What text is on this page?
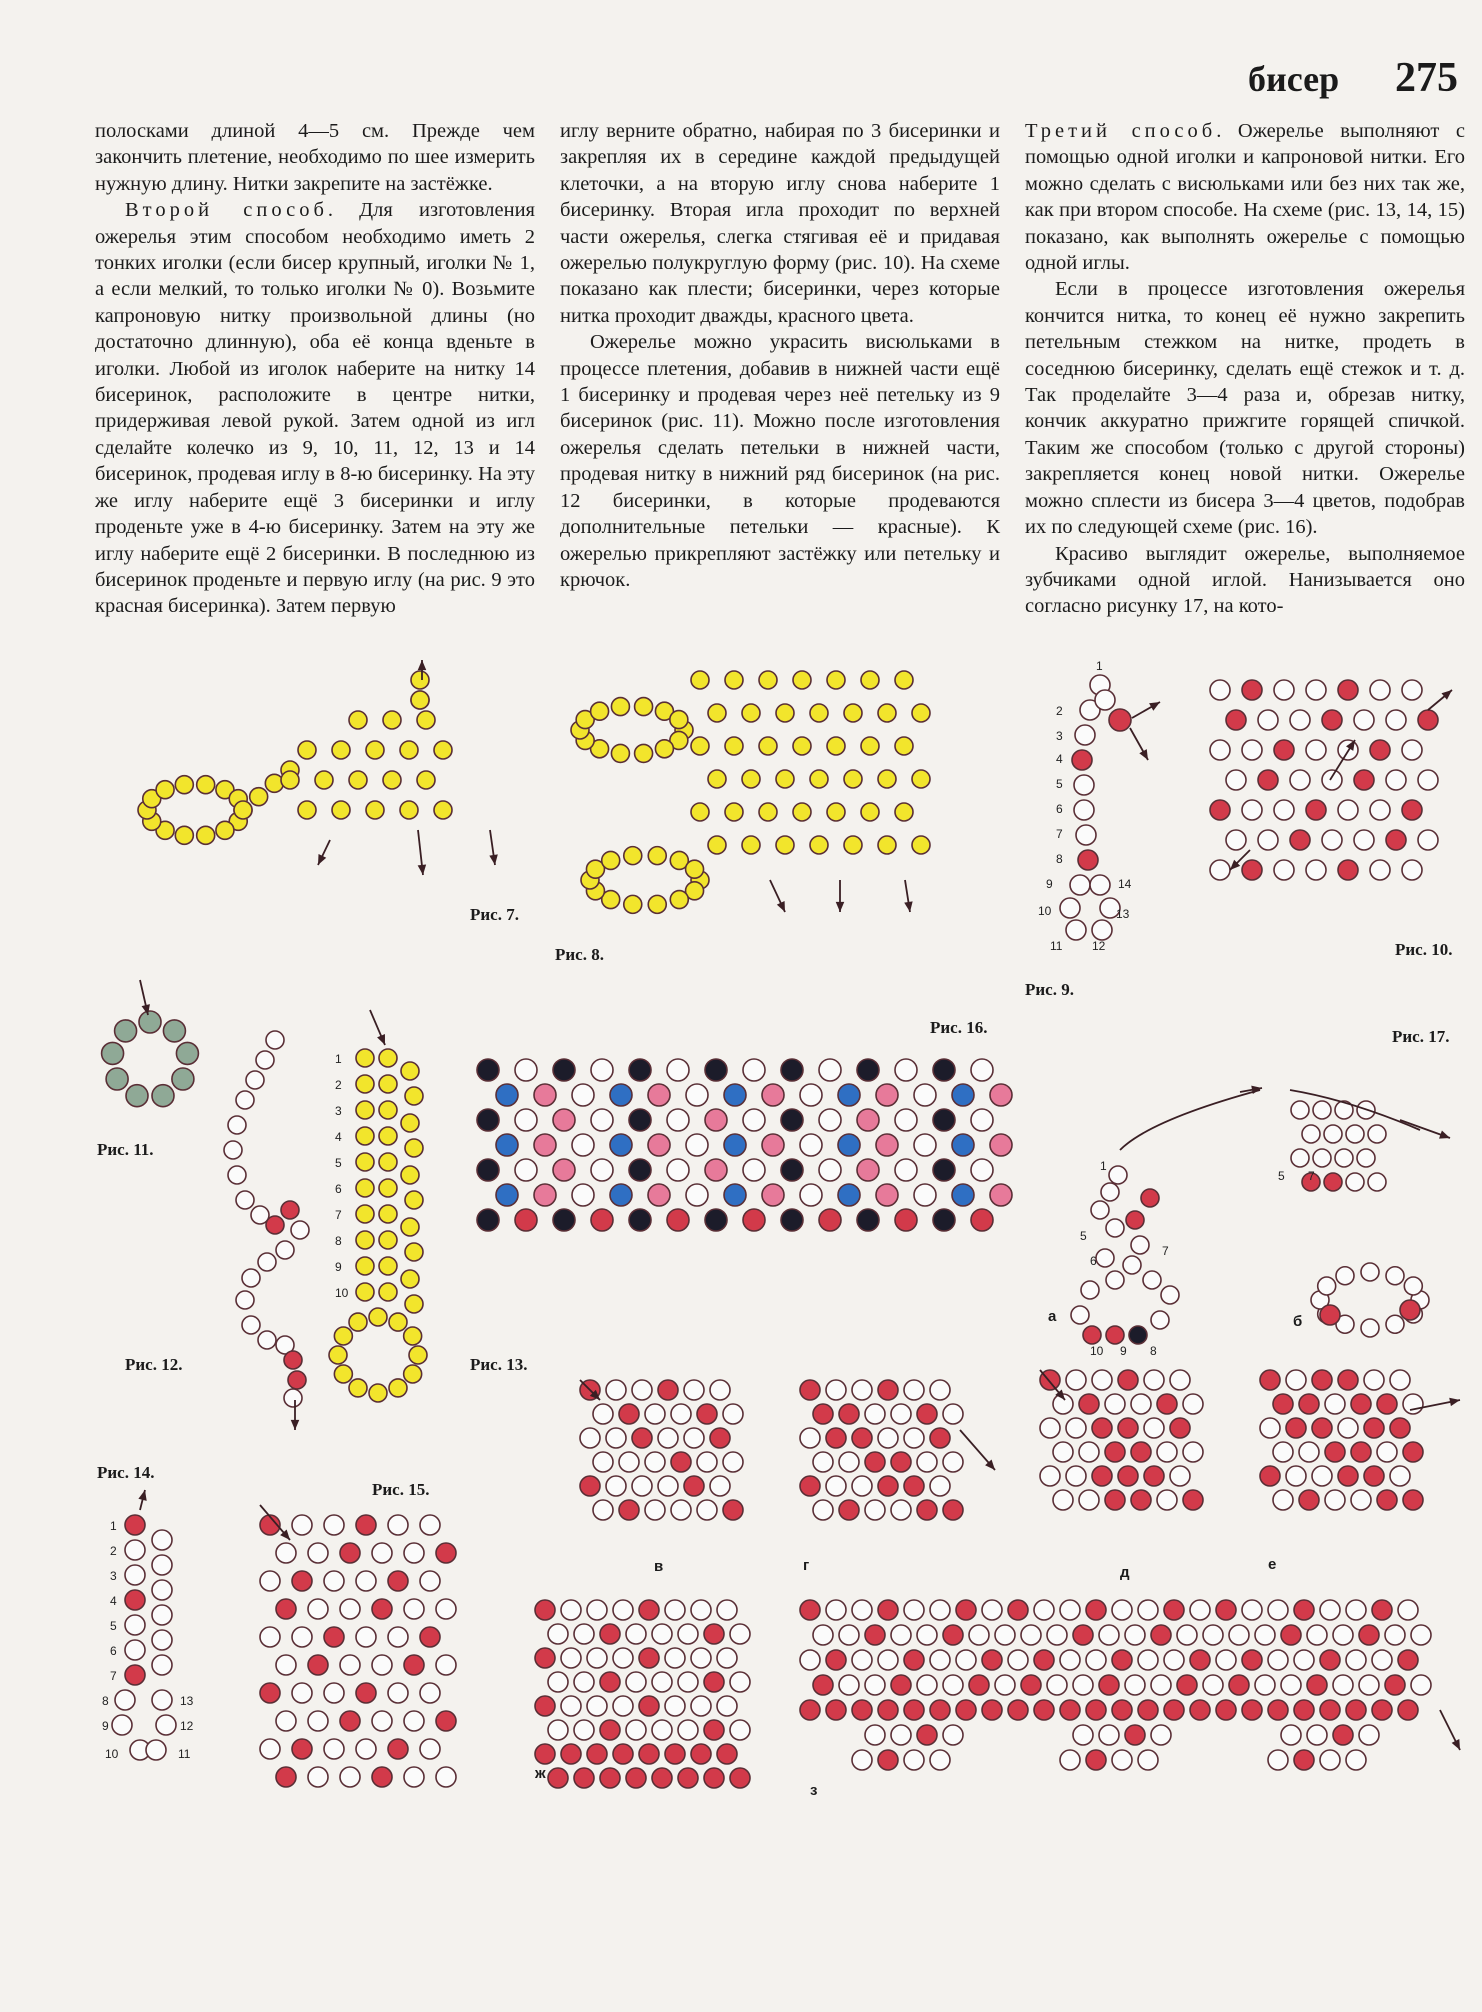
бисер 275

полосками длиной 4—5 см. Прежде чем закончить плетение, необходимо по шее измерить нужную длину. Нитки закрепите на застёжке.

Второй способ. Для изготовления ожерелья этим способом необходимо иметь 2 тонких иголки (если бисер крупный, иголки № 1, а если мелкий, то только иголки № 0). Возьмите капроновую нитку произвольной длины (но достаточно длинную), оба её конца вденьте в иголки. Любой из иголок наберите на нитку 14 бисеринок, расположите в центре нитки, придерживая левой рукой. Затем одной из игл сделайте колечко из 9, 10, 11, 12, 13 и 14 бисеринок, продевая иглу в 8-ю бисеринку. На эту же иглу наберите ещё 3 бисеринки и иглу проденьте уже в 4-ю бисеринку. Затем на эту же иглу наберите ещё 2 бисеринки. В последнюю из бисеринок проденьте и первую иглу (на рис. 9 это красная бисеринка). Затем первую

иглу верните обратно, набирая по 3 бисеринки и закрепляя их в середине каждой предыдущей клеточки, а на вторую иглу снова наберите 1 бисеринку. Вторая игла проходит по верхней части ожерелья, слегка стягивая её и придавая ожерелью полукруглую форму (рис. 10). На схеме показано как плести; бисеринки, через которые нитка проходит дважды, красного цвета.

Ожерелье можно украсить висюльками в процессе плетения, добавив в нижней части ещё 1 бисеринку и продевая через неё петельку из 9 бисеринок (рис. 11). Можно после изготовления ожерелья сделать петельки в нижней части, продевая нитку в нижний ряд бисеринок (на рис. 12 бисеринки, в которые продеваются дополнительные петельки — красные). К ожерелью прикрепляют застёжку или петельку и крючок.

Третий способ. Ожерелье выполняют с помощью одной иголки и капроновой нитки. Его можно сделать с висюльками или без них так же, как при втором способе. На схеме (рис. 13, 14, 15) показано, как выполнять ожерелье с помощью одной иглы.

Если в процессе изготовления ожерелья кончится нитка, то конец её нужно закрепить петельным стежком на нитке, продеть в соседнюю бисеринку, сделать ещё стежок и т. д. Так проделайте 3—4 раза и, обрезав нитку, кончик аккуратно прижгите горящей спичкой. Таким же способом (только с другой стороны) закрепляется конец новой нитки. Ожерелье можно сплести из бисера 3—4 цветов, подобрав их по следующей схеме (рис. 16).

Красиво выглядит ожерелье, выполняемое зубчиками одной иглой. Нанизывается оно согласно рисунку 17, на кото-

1
2
3
4
5
6
7
8
9
10
11 12
13
14
1
2
3
4
5
6
7
8
9
10
1
5
6
7
10 9 8
5 7
1
2
3
4
5
6
7
8
9
10	11
12
13
Рис. 7.
Рис. 8.
Рис. 9.
Рис. 10.
Рис. 11.
Рис. 12.	Рис. 13.
Рис. 14.
Рис. 15.
Рис. 16.	Рис. 17.
а	б
в	г	д	е
ж
з
